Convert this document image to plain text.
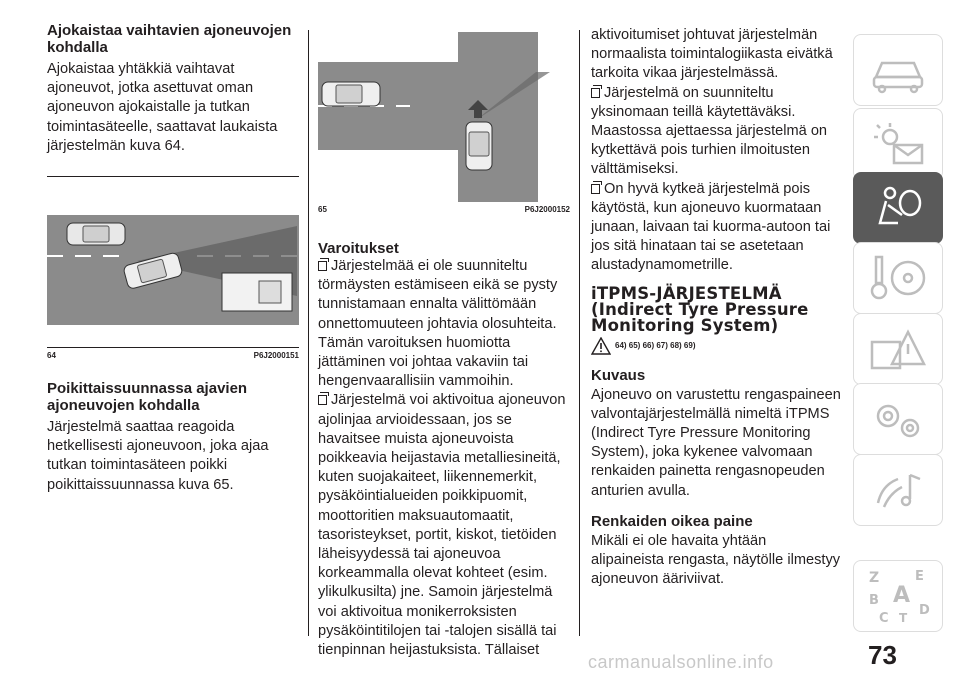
Ajokaistaa vaihtavien ajoneuvojen kohdalla

Ajokaistaa yhtäkkiä vaihtavat ajoneuvot, jotka asettuvat oman ajoneuvon ajokaistalle ja tutkan toimintasäteelle, saattavat laukaista järjestelmän kuva 64.

64	P6J2000151

Poikittaissuunnassa ajavien ajoneuvojen kohdalla

Järjestelmä saattaa reagoida hetkellisesti ajoneuvoon, joka ajaa tutkan toimintasäteen poikki poikittaissuunnassa kuva 65.

65	P6J2000152

Varoitukset

Järjestelmää ei ole suunniteltu törmäysten estämiseen eikä se pysty tunnistamaan ennalta välittömään onnettomuuteen johtavia olosuhteita. Tämän varoituksen huomiotta jättäminen voi johtaa vakaviin tai hengenvaarallisiin vammoihin.

Järjestelmä voi aktivoitua ajoneuvon ajolinjaa arvioidessaan, jos se havaitsee muista ajoneuvoista poikkeavia heijastavia metalliesineitä, kuten suojakaiteet, liikennemerkit, pysäköintialueiden poikkipuomit, moottoritien maksuautomaatit, tasoristeykset, portit, kiskot, tietöiden läheisyydessä tai ajoneuvoa korkeammalla olevat kohteet (esim. ylikulkusilta) jne. Samoin järjestelmä voi aktivoitua monikerroksisten pysäköintitilojen tai -talojen sisällä tai tienpinnan heijastuksista. Tällaiset

aktivoitumiset johtuvat järjestelmän normaalista toimintalogiikasta eivätkä tarkoita vikaa järjestelmässä.

Järjestelmä on suunniteltu yksinomaan teillä käytettäväksi. Maastossa ajettaessa järjestelmä on kytkettävä pois turhien ilmoitusten välttämiseksi.

On hyvä kytkeä järjestelmä pois käytöstä, kun ajoneuvo kuormataan junaan, laivaan tai kuorma-autoon tai jos sitä hinataan tai se asetetaan alustadynamometrille.

iTPMS-JÄRJESTELMÄ
(Indirect Tyre Pressure
Monitoring System)
64) 65) 66) 67) 68) 69)

Kuvaus

Ajoneuvo on varustettu rengaspaineen valvontajärjestelmällä nimeltä iTPMS (Indirect Tyre Pressure Monitoring System), joka kykenee valvomaan renkaiden painetta rengasnopeuden anturien avulla.

Renkaiden oikea paine

Mikäli ei ole havaita yhtään alipaineista rengasta, näytölle ilmestyy ajoneuvon ääriviivat.	Z	E
B A
C T D
73
carmanualsonline.info
